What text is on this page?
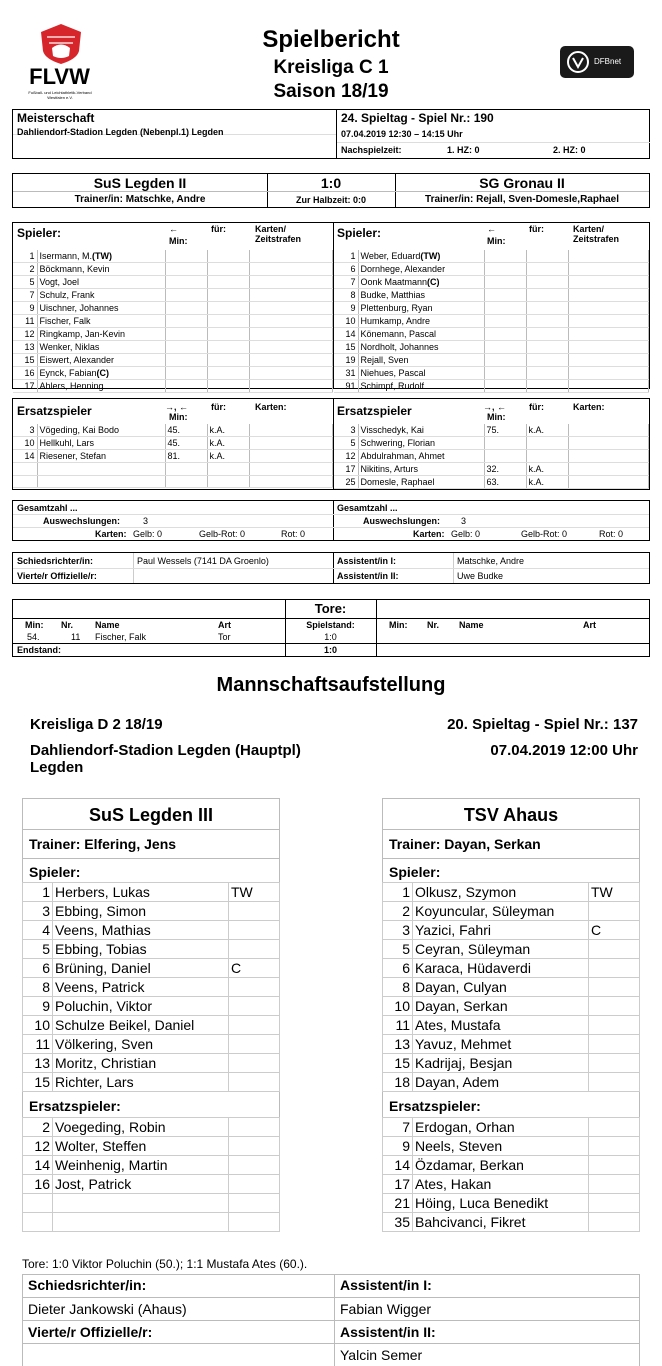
FLVW
Fußball- und Leichtathletik-Verband Westfalen e.V.
Spielbericht
Kreisliga C 1
Saison 18/19
DFBnet
Meisterschaft
Dahliendorf-Stadion Legden (Nebenpl.1) Legden
24. Spieltag - Spiel Nr.: 190
07.04.2019 12:30 – 14:15 Uhr
Nachspielzeit:	1. HZ: 0	2. HZ: 0
SuS Legden II	1:0	SG Gronau II
Trainer/in: Matschke, Andre	Zur Halbzeit: 0:0	Trainer/in: Rejall, Sven-Domesle,Raphael
Spieler:	←
Min:
für:	Karten/
Zeitstrafen
1	Isermann, M.(TW)			
2	Böckmann, Kevin			
5	Vogt, Joel			
7	Schulz, Frank			
9	Uischner, Johannes			
11	Fischer, Falk			
12	Ringkamp, Jan-Kevin			
13	Wenker, Niklas			
15	Eiswert, Alexander			
16	Eynck, Fabian(C)			
17	Ahlers, Henning			
Spieler:	←
Min:
für:	Karten/
Zeitstrafen
1	Weber, Eduard(TW)			
6	Dornhege, Alexander			
7	Oonk Maatmann(C)			
8	Budke, Matthias			
9	Plettenburg, Ryan			
10	Humkamp, Andre			
14	Könemann, Pascal			
15	Nordholt, Johannes			
19	Rejall, Sven			
31	Niehues, Pascal			
91	Schimpf, Rudolf			
Ersatzspieler	→, ←
Min:
für:	Karten:
3	Vögeding, Kai Bodo	45.	k.A.	
10	Hellkuhl, Lars	45.	k.A.	
14	Riesener, Stefan	81.	k.A.	

Ersatzspieler	→, ←
Min:
für:	Karten:
3	Visschedyk, Kai	75.	k.A.	
5	Schwering, Florian			
12	Abdulrahman, Ahmet			
17	Nikitins, Arturs	32.	k.A.	
25	Domesle, Raphael	63.	k.A.	
Gesamtzahl ...
Auswechslungen:	3
Karten: Gelb: 0	Gelb-Rot: 0	Rot: 0
Gesamtzahl ...
Auswechslungen: 3
Karten: Gelb: 0	Gelb-Rot: 0	Rot: 0
Schiedsrichter/in:	Paul Wessels (7141 DA Groenlo)
Vierte/r Offizielle/r:
Assistent/in I:	Matschke, Andre
Assistent/in II:	Uwe Budke
Tore:
Min: Nr. Name	Art	Spielstand:	Min: Nr. Name	Art
54.	11 Fischer, Falk	Tor	1:0
Endstand:	1:0
Mannschaftsaufstellung
Kreisliga D 2 18/19	20. Spieltag - Spiel Nr.: 137
Dahliendorf-Stadion Legden (Hauptpl)
Legden
07.04.2019 12:00 Uhr
SuS Legden III
Trainer: Elfering, Jens
Spieler:
1	Herbers, Lukas	TW
3	Ebbing, Simon	
4	Veens, Mathias	
5	Ebbing, Tobias	
6	Brüning, Daniel	C
8	Veens, Patrick	
9	Poluchin, Viktor	
10	Schulze Beikel, Daniel	
11	Völkering, Sven	
13	Moritz, Christian	
15	Richter, Lars	
Ersatzspieler:
2	Voegeding, Robin	
12	Wolter, Steffen	
14	Weinhenig, Martin	
16	Jost, Patrick	

TSV Ahaus
Trainer: Dayan, Serkan
Spieler:
1	Olkusz, Szymon	TW
2	Koyuncular, Süleyman	
3	Yazici, Fahri	C
5	Ceyran, Süleyman	
6	Karaca, Hüdaverdi	
8	Dayan, Culyan	
10	Dayan, Serkan	
11	Ates, Mustafa	
13	Yavuz, Mehmet	
15	Kadrijaj, Besjan	
18	Dayan, Adem	
Ersatzspieler:
7	Erdogan, Orhan	
9	Neels, Steven	
14	Özdamar, Berkan	
17	Ates, Hakan	
21	Höing, Luca Benedikt	
35	Bahcivanci, Fikret	
Tore: 1:0 Viktor Poluchin (50.); 1:1 Mustafa Ates (60.).
Schiedsrichter/in:
Dieter Jankowski (Ahaus)
Vierte/r Offizielle/r:
Assistent/in I:
Fabian Wigger
Assistent/in II:
Yalcin Semer
